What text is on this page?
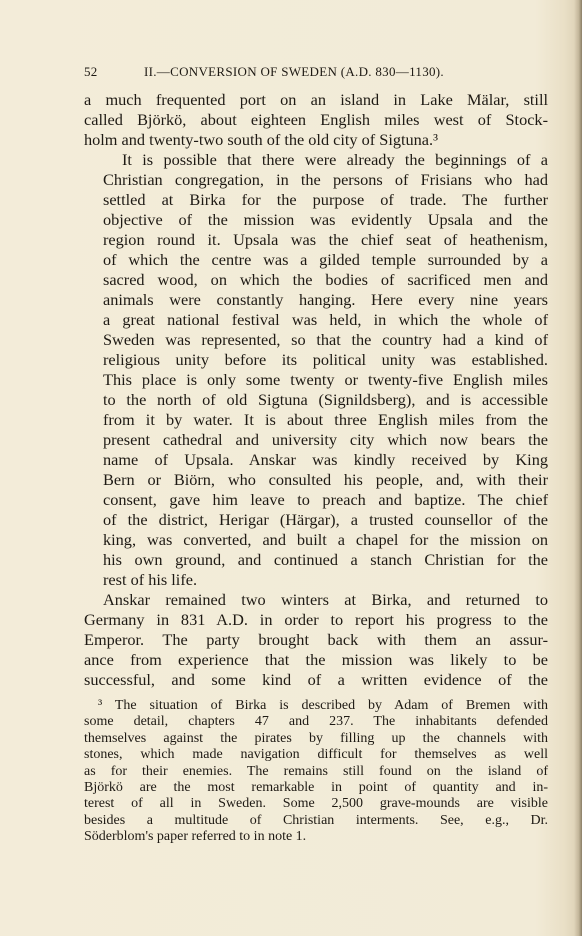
52	II.—CONVERSION OF SWEDEN (A.D. 830—1130).

a much frequented port on an island in Lake Mälar, still
called Björkö, about eighteen English miles west of Stock-
holm and twenty-two south of the old city of Sigtuna.³

It is possible that there were already the beginnings of a
Christian congregation, in the persons of Frisians who had
settled at Birka for the purpose of trade. The further
objective of the mission was evidently Upsala and the
region round it. Upsala was the chief seat of heathenism,
of which the centre was a gilded temple surrounded by a
sacred wood, on which the bodies of sacrificed men and
animals were constantly hanging. Here every nine years
a great national festival was held, in which the whole of
Sweden was represented, so that the country had a kind of
religious unity before its political unity was established.
This place is only some twenty or twenty-five English miles
to the north of old Sigtuna (Signildsberg), and is accessible
from it by water. It is about three English miles from the
present cathedral and university city which now bears the
name of Upsala. Anskar was kindly received by King
Bern or Biörn, who consulted his people, and, with their
consent, gave him leave to preach and baptize. The chief
of the district, Herigar (Härgar), a trusted counsellor of the
king, was converted, and built a chapel for the mission on
his own ground, and continued a stanch Christian for the
rest of his life.

Anskar remained two winters at Birka, and returned to
Germany in 831 A.D. in order to report his progress to the
Emperor. The party brought back with them an assur-
ance from experience that the mission was likely to be
successful, and some kind of a written evidence of the

³ The situation of Birka is described by Adam of Bremen with
some detail, chapters 47 and 237. The inhabitants defended
themselves against the pirates by filling up the channels with
stones, which made navigation difficult for themselves as well
as for their enemies. The remains still found on the island of
Björkö are the most remarkable in point of quantity and in-
terest of all in Sweden. Some 2,500 grave-mounds are visible
besides a multitude of Christian interments. See, e.g., Dr.
Söderblom's paper referred to in note 1.
